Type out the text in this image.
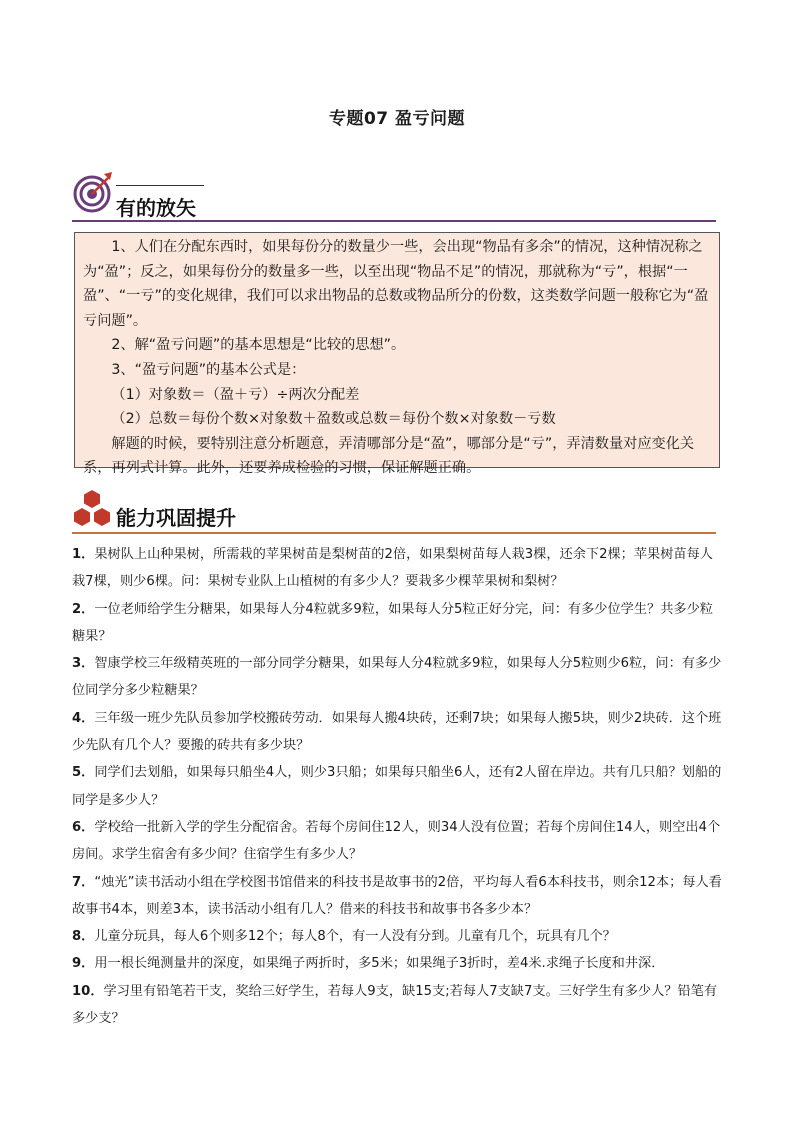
专题07 盈亏问题
有的放矢

1、人们在分配东西时，如果每份分的数量少一些，会出现“物品有多余”的情况，这种情况称之为“盈”；反之，如果每份分的数量多一些，以至出现“物品不足”的情况，那就称为“亏”，根据“一盈”、“一亏”的变化规律，我们可以求出物品的总数或物品所分的份数，这类数学问题一般称它为“盈亏问题”。

2、解“盈亏问题”的基本思想是“比较的思想”。

3、“盈亏问题”的基本公式是：

（1）对象数＝（盈＋亏）÷两次分配差

（2）总数＝每份个数×对象数＋盈数或总数＝每份个数×对象数－亏数

解题的时候，要特别注意分析题意，弄清哪部分是“盈”，哪部分是“亏”，弄清数量对应变化关系，再列式计算。此外，还要养成检验的习惯，保证解题正确。

能力巩固提升

1．果树队上山种果树，所需栽的苹果树苗是梨树苗的2倍，如果梨树苗每人栽3棵，还余下2棵；苹果树苗每人栽7棵，则少6棵。问：果树专业队上山植树的有多少人？要栽多少棵苹果树和梨树？

2．一位老师给学生分糖果，如果每人分4粒就多9粒，如果每人分5粒正好分完，问：有多少位学生？共多少粒糖果？

3．智康学校三年级精英班的一部分同学分糖果，如果每人分4粒就多9粒，如果每人分5粒则少6粒，问：有多少位同学分多少粒糖果？

4．三年级一班少先队员参加学校搬砖劳动．如果每人搬4块砖，还剩7块；如果每人搬5块，则少2块砖．这个班少先队有几个人？要搬的砖共有多少块？

5．同学们去划船，如果每只船坐4人，则少3只船；如果每只船坐6人，还有2人留在岸边。共有几只船？划船的同学是多少人？

6．学校给一批新入学的学生分配宿舍。若每个房间住12人，则34人没有位置；若每个房间住14人，则空出4个房间。求学生宿舍有多少间？住宿学生有多少人？

7．“烛光”读书活动小组在学校图书馆借来的科技书是故事书的2倍，平均每人看6本科技书，则余12本；每人看故事书4本，则差3本，读书活动小组有几人？借来的科技书和故事书各多少本？

8．儿童分玩具，每人6个则多12个；每人8个，有一人没有分到。儿童有几个，玩具有几个？

9．用一根长绳测量井的深度，如果绳子两折时，多5米；如果绳子3折时，差4米.求绳子长度和井深．

10．学习里有铅笔若干支，奖给三好学生，若每人9支，缺15支;若每人7支缺7支。三好学生有多少人？铅笔有多少支？
